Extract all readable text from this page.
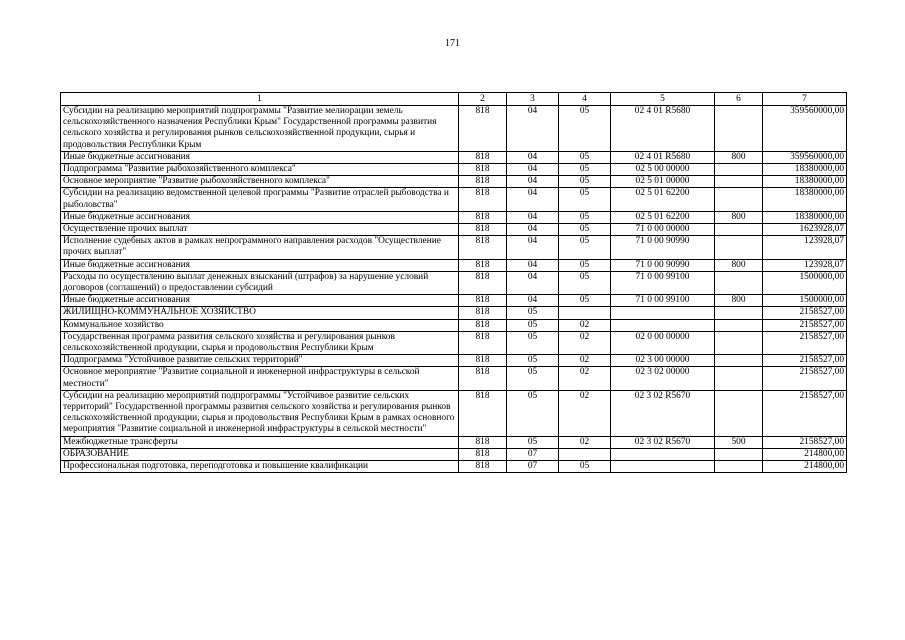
171
1	2	3	4	5	6	7
Субсидии на реализацию мероприятий подпрограммы "Развитие мелиорации земель сельскохозяйственного назначения Республики Крым" Государственной программы развития сельского хозяйства и регулирования рынков сельскохозяйственной продукции, сырья и продовольствия Республики Крым	818	04	05	02 4 01 R5680		359560000,00
Иные бюджетные ассигнования	818	04	05	02 4 01 R5680	800	359560000,00
Подпрограмма "Развитие рыбохозяйственного комплекса"	818	04	05	02 5 00 00000		18380000,00
Основное мероприятие "Развитие рыбохозяйственного комплекса"	818	04	05	02 5 01 00000		18380000,00
Субсидии на реализацию ведомственной целевой программы "Развитие отраслей рыбоводства и рыболовства"	818	04	05	02 5 01 62200		18380000,00
Иные бюджетные ассигнования	818	04	05	02 5 01 62200	800	18380000,00
Осуществление прочих выплат	818	04	05	71 0 00 00000		1623928,07
Исполнение судебных актов в рамках непрограммного направления расходов "Осуществление прочих выплат"	818	04	05	71 0 00 90990		123928,07
Иные бюджетные ассигнования	818	04	05	71 0 00 90990	800	123928,07
Расходы по осуществлению выплат денежных взысканий (штрафов) за нарушение условий договоров (соглашений) о предоставлении субсидий	818	04	05	71 0 00 99100		1500000,00
Иные бюджетные ассигнования	818	04	05	71 0 00 99100	800	1500000,00
ЖИЛИЩНО-КОММУНАЛЬНОЕ ХОЗЯЙСТВО	818	05				2158527,00
Коммунальное хозяйство	818	05	02			2158527,00
Государственная программа развития сельского хозяйства и регулирования рынков сельскохозяйственной продукции, сырья и продовольствия Республики Крым	818	05	02	02 0 00 00000		2158527,00
Подпрограмма "Устойчивое развитие сельских территорий"	818	05	02	02 3 00 00000		2158527,00
Основное мероприятие "Развитие социальной и инженерной инфраструктуры в сельской местности"	818	05	02	02 3 02 00000		2158527,00
Субсидии на реализацию мероприятий подпрограммы "Устойчивое развитие сельских территорий" Государственной программы развития сельского хозяйства и регулирования рынков сельскохозяйственной продукции, сырья и продовольствия Республики Крым в рамках основного мероприятия "Развитие социальной и инженерной инфраструктуры в сельской местности"	818	05	02	02 3 02 R5670		2158527,00
Межбюджетные трансферты	818	05	02	02 3 02 R5670	500	2158527,00
ОБРАЗОВАНИЕ	818	07				214800,00
Профессиональная подготовка, переподготовка и повышение квалификации	818	07	05			214800,00
